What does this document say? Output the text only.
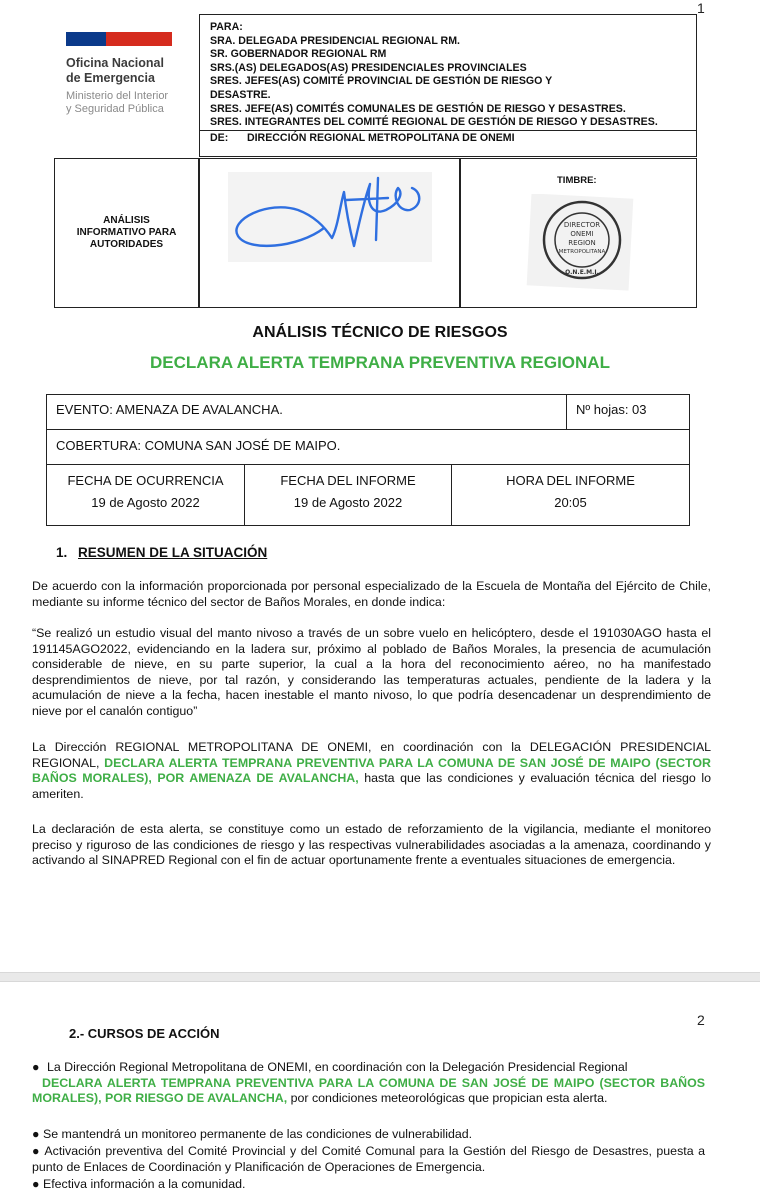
1
Oficina Nacional
de Emergencia
Ministerio del Interior
y Seguridad Pública
PARA:
SRA. DELEGADA PRESIDENCIAL REGIONAL RM.
SR. GOBERNADOR REGIONAL RM
SRS.(AS) DELEGADOS(AS) PRESIDENCIALES PROVINCIALES
SRES. JEFES(AS) COMITÉ PROVINCIAL DE GESTIÓN DE RIESGO Y
DESASTRE.
SRES. JEFE(AS) COMITÉS COMUNALES DE GESTIÓN DE RIESGO Y DESASTRES.
SRES. INTEGRANTES DEL COMITÉ REGIONAL DE GESTIÓN DE RIESGO Y DESASTRES.
DE: DIRECCIÓN REGIONAL METROPOLITANA DE ONEMI
ANÁLISIS
INFORMATIVO PARA
AUTORIDADES
TIMBRE:
DIRECTOR
ONEMI
REGION
METROPOLITANA
O.N.E.M.I.
ANÁLISIS TÉCNICO DE RIESGOS
DECLARA ALERTA TEMPRANA PREVENTIVA REGIONAL
EVENTO: AMENAZA DE AVALANCHA.	Nº hojas: 03
COBERTURA: COMUNA SAN JOSÉ DE MAIPO.
FECHA DE OCURRENCIA
19 de Agosto 2022
FECHA DEL INFORME
19 de Agosto 2022
HORA DEL INFORME
20:05
1. RESUMEN DE LA SITUACIÓN

De acuerdo con la información proporcionada por personal especializado de la Escuela de Montaña del Ejército de Chile, mediante su informe técnico del sector de Baños Morales, en donde indica:

“Se realizó un estudio visual del manto nivoso a través de un sobre vuelo en helicóptero, desde el 191030AGO hasta el 191145AGO2022, evidenciando en la ladera sur, próximo al poblado de Baños Morales, la presencia de acumulación considerable de nieve, en su parte superior, la cual a la hora del reconocimiento aéreo, no ha manifestado desprendimientos de nieve, por tal razón, y considerando las temperaturas actuales, pendiente de la ladera y la acumulación de nieve a la fecha, hacen inestable el manto nivoso, lo que podría desencadenar un desprendimiento de nieve por el canalón contiguo”

La Dirección REGIONAL METROPOLITANA DE ONEMI, en coordinación con la DELEGACIÓN PRESIDENCIAL REGIONAL, DECLARA ALERTA TEMPRANA PREVENTIVA PARA LA COMUNA DE SAN JOSÉ DE MAIPO (SECTOR BAÑOS MORALES), POR AMENAZA DE AVALANCHA, hasta que las condiciones y evaluación técnica del riesgo lo ameriten.

La declaración de esta alerta, se constituye como un estado de reforzamiento de la vigilancia, mediante el monitoreo preciso y riguroso de las condiciones de riesgo y las respectivas vulnerabilidades asociadas a la amenaza, coordinando y activando al SINAPRED Regional con el fin de actuar oportunamente frente a eventuales situaciones de emergencia.

2
2.- CURSOS DE ACCIÓN

● La Dirección Regional Metropolitana de ONEMI, en coordinación con la Delegación Presidencial Regional
DECLARA ALERTA TEMPRANA PREVENTIVA PARA LA COMUNA DE SAN JOSÉ DE MAIPO (SECTOR BAÑOS MORALES), POR RIESGO DE AVALANCHA, por condiciones meteorológicas que propician esta alerta.

● Se mantendrá un monitoreo permanente de las condiciones de vulnerabilidad.

● Activación preventiva del Comité Provincial y del Comité Comunal para la Gestión del Riesgo de Desastres, puesta a punto de Enlaces de Coordinación y Planificación de Operaciones de Emergencia.

● Efectiva información a la comunidad.
